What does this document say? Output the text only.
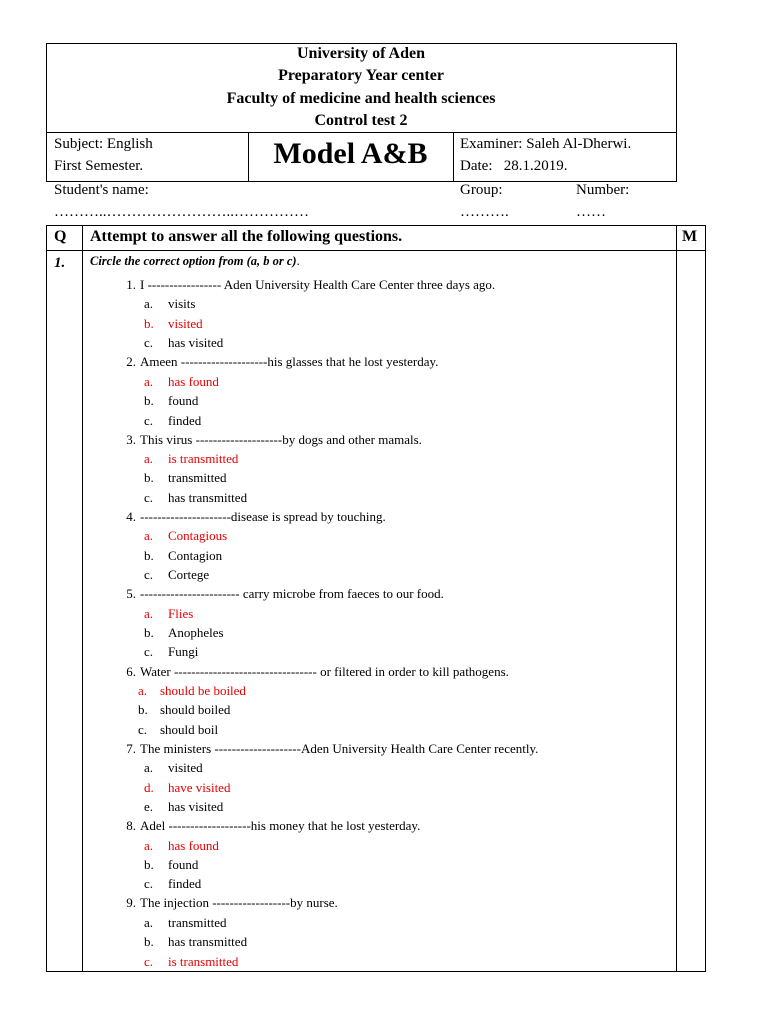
University of Aden
Preparatory Year center
Faculty of medicine and health sciences
Control test 2
Subject: English
First Semester.	Model A&B	Examiner: Saleh Al-Dherwi.
Date:   28.1.2019.
Student's name:
………..……………………..……………
Group:
……….
Number:
……
Q Attempt to answer all the following questions.	M
1. Circle the correct option from (a, b or c).
1. I ----------------- Aden University Health Care Center three days ago.
a. visits
b. visited
c. has visited
2. Ameen --------------------his glasses that he lost yesterday.
a. has found
b. found
c. finded
3. This virus --------------------by dogs and other mamals.
a. is transmitted
b. transmitted
c. has transmitted
4. ---------------------disease is spread by touching.
a. Contagious
b. Contagion
c. Cortege
5. ----------------------- carry microbe from faeces to our food.
a. Flies
b. Anopheles
c. Fungi
6. Water --------------------------------- or filtered in order to kill pathogens.
a. should be boiled
b. should boiled
c. should boil
7. The ministers --------------------Aden University Health Care Center recently.
a. visited
d. have visited
e. has visited
8. Adel -------------------his money that he lost yesterday.
a. has found
b. found
c. finded
9. The injection ------------------by nurse.
a. transmitted
b. has transmitted
c. is transmitted
